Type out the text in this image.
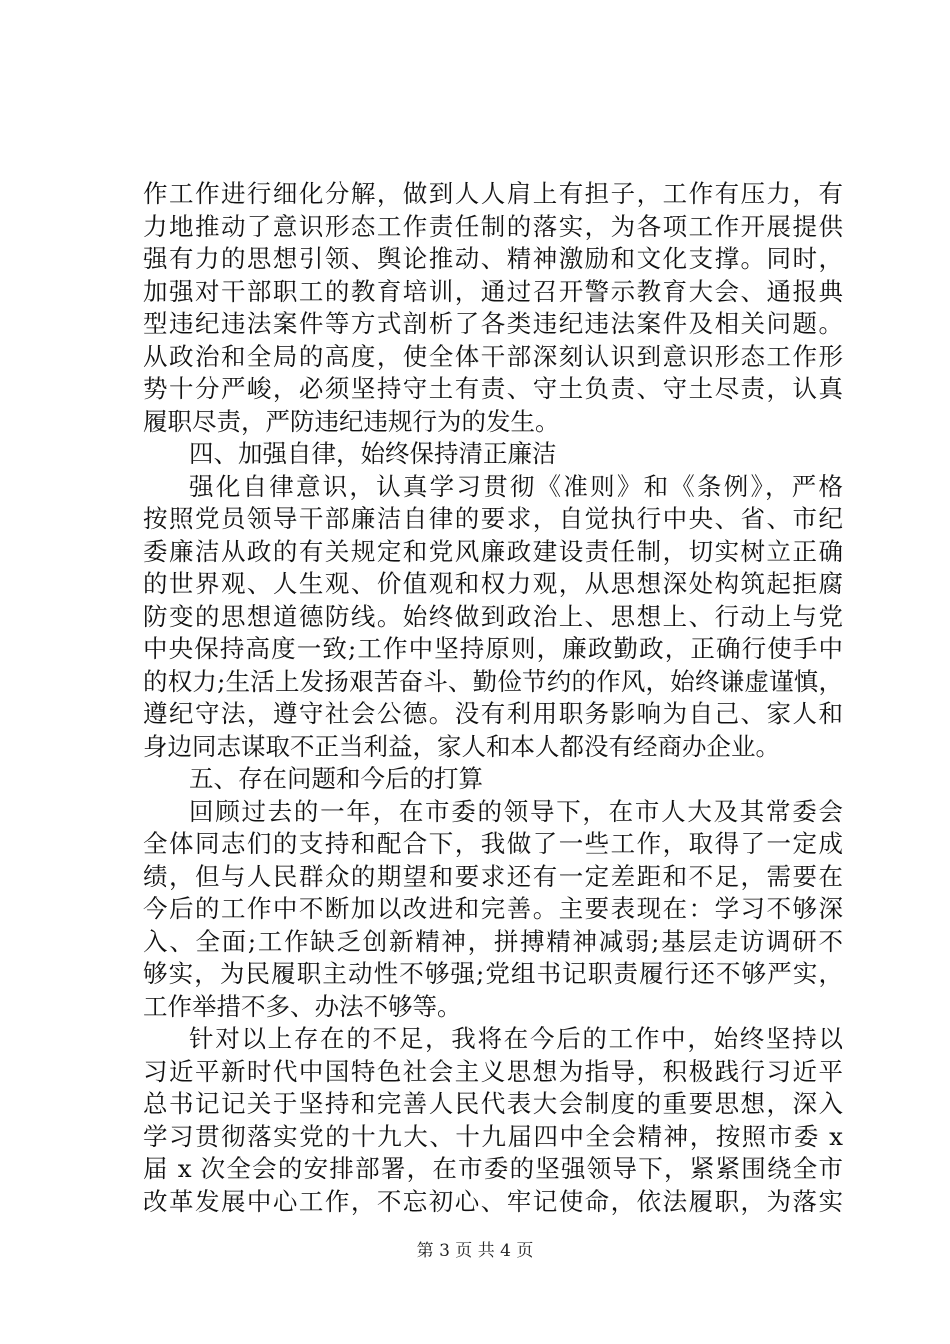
作工作进行细化分解，做到人人肩上有担子，工作有压力，有
力地推动了意识形态工作责任制的落实，为各项工作开展提供
强有力的思想引领、舆论推动、精神激励和文化支撑。同时，
加强对干部职工的教育培训，通过召开警示教育大会、通报典
型违纪违法案件等方式剖析了各类违纪违法案件及相关问题。
从政治和全局的高度，使全体干部深刻认识到意识形态工作形
势十分严峻，必须坚持守土有责、守土负责、守土尽责，认真
履职尽责，严防违纪违规行为的发生。
四、加强自律，始终保持清正廉洁
强化自律意识，认真学习贯彻《准则》和《条例》，严格
按照党员领导干部廉洁自律的要求，自觉执行中央、省、市纪
委廉洁从政的有关规定和党风廉政建设责任制，切实树立正确
的世界观、人生观、价值观和权力观，从思想深处构筑起拒腐
防变的思想道德防线。始终做到政治上、思想上、行动上与党
中央保持高度一致;工作中坚持原则，廉政勤政，正确行使手中
的权力;生活上发扬艰苦奋斗、勤俭节约的作风，始终谦虚谨慎，
遵纪守法，遵守社会公德。没有利用职务影响为自己、家人和
身边同志谋取不正当利益，家人和本人都没有经商办企业。
五、存在问题和今后的打算
回顾过去的一年，在市委的领导下，在市人大及其常委会
全体同志们的支持和配合下，我做了一些工作，取得了一定成
绩，但与人民群众的期望和要求还有一定差距和不足，需要在
今后的工作中不断加以改进和完善。主要表现在：学习不够深
入、全面;工作缺乏创新精神，拼搏精神减弱;基层走访调研不
够实，为民履职主动性不够强;党组书记职责履行还不够严实，
工作举措不多、办法不够等。
针对以上存在的不足，我将在今后的工作中，始终坚持以
习近平新时代中国特色社会主义思想为指导，积极践行习近平
总书记记关于坚持和完善人民代表大会制度的重要思想，深入
学习贯彻落实党的十九大、十九届四中全会精神，按照市委 x
届 x 次全会的安排部署，在市委的坚强领导下，紧紧围绕全市
改革发展中心工作，不忘初心、牢记使命，依法履职，为落实
第 3 页 共 4 页
